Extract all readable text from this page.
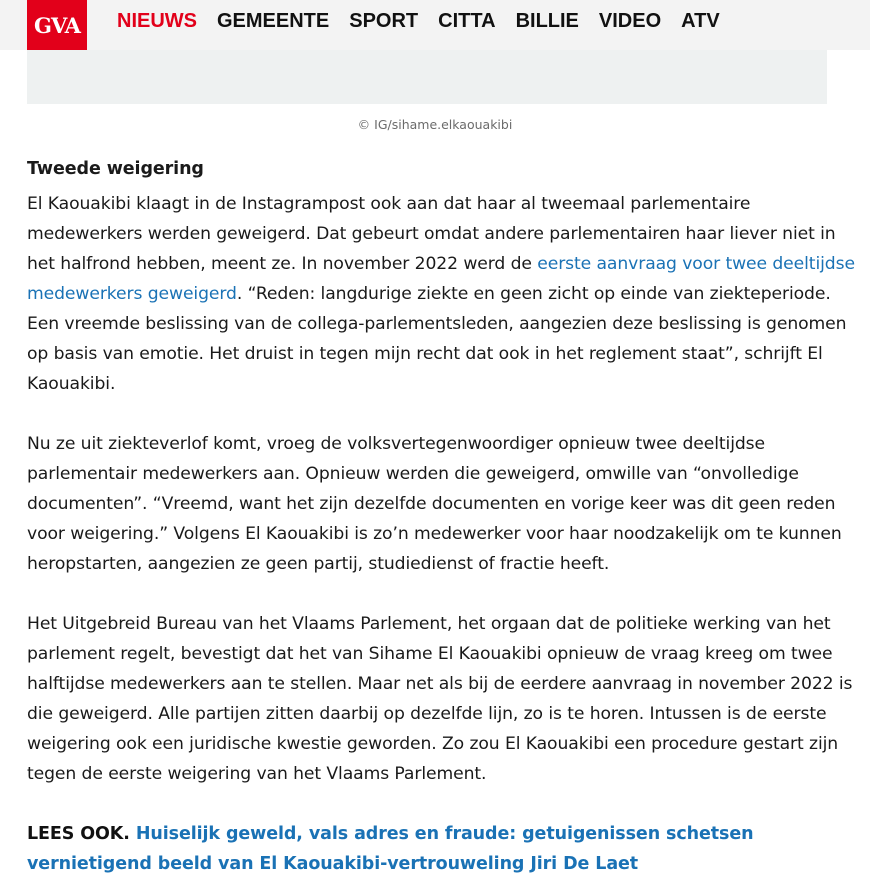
GVA	NIEUWS GEMEENTE SPORT CITTA BILLIE VIDEO ATV
© IG/sihame.elkaouakibi
Tweede weigering

El Kaouakibi klaagt in de Instagrampost ook aan dat haar al tweemaal parlementaire medewerkers werden geweigerd. Dat gebeurt omdat andere parlementairen haar liever niet in het halfrond hebben, meent ze. In november 2022 werd de eerste aanvraag voor twee deeltijdse medewerkers geweigerd. “Reden: langdurige ziekte en geen zicht op einde van ziekteperiode. Een vreemde beslissing van de collega-parlementsleden, aangezien deze beslissing is genomen op basis van emotie. Het druist in tegen mijn recht dat ook in het reglement staat”, schrijft El Kaouakibi.

Nu ze uit ziekteverlof komt, vroeg de volksvertegenwoordiger opnieuw twee deeltijdse parlementair medewerkers aan. Opnieuw werden die geweigerd, omwille van “onvolledige documenten”. “Vreemd, want het zijn dezelfde documenten en vorige keer was dit geen reden voor weigering.” Volgens El Kaouakibi is zo’n medewerker voor haar noodzakelijk om te kunnen heropstarten, aangezien ze geen partij, studiedienst of fractie heeft.

Het Uitgebreid Bureau van het Vlaams Parlement, het orgaan dat de politieke werking van het parlement regelt, bevestigt dat het van Sihame El Kaouakibi opnieuw de vraag kreeg om twee halftijdse medewerkers aan te stellen. Maar net als bij de eerdere aanvraag in november 2022 is die geweigerd. Alle partijen zitten daarbij op dezelfde lijn, zo is te horen. Intussen is de eerste weigering ook een juridische kwestie geworden. Zo zou El Kaouakibi een procedure gestart zijn tegen de eerste weigering van het Vlaams Parlement.

LEES OOK. Huiselijk geweld, vals adres en fraude: getuigenissen schetsen vernietigend beeld van El Kaouakibi-vertrouweling Jiri De Laet
